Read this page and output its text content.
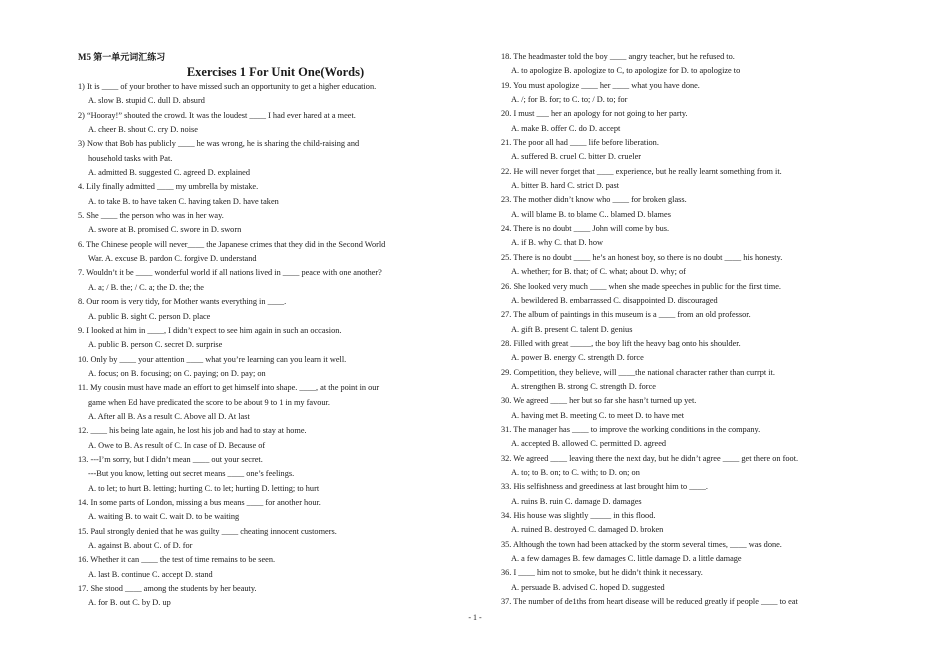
M5 第一单元词汇练习
Exercises 1 For Unit One(Words)
1) It is ____ of your brother to have missed such an opportunity to get a higher education.
A. slow B. stupid C. dull D. absurd
2) “Hooray!” shouted the crowd. It was the loudest ____ I had ever hared at a meet.
A. cheer B. shout C. cry D. noise
3) Now that Bob has publicly ____ he was wrong, he is sharing the child-raising and
household tasks with Pat.
A. admitted B. suggested C. agreed D. explained
4. Lily finally admitted ____ my umbrella by mistake.
A. to take B. to have taken C. having taken D. have taken
5. She ____ the person who was in her way.
A. swore at B. promised C. swore in D. sworn
6. The Chinese people will never____ the Japanese crimes that they did in the Second World
War. A. excuse B. pardon C. forgive D. understand
7. Wouldn’t it be ____ wonderful world if all nations lived in ____ peace with one another?
A. a; / B. the; / C. a; the D. the; the
8. Our room is very tidy, for Mother wants everything in ____.
A. public B. sight C. person D. place
9. I looked at him in ____, I didn’t expect to see him again in such an occasion.
A. public B. person C. secret D. surprise
10. Only by ____ your attention ____ what you’re learning can you learn it well.
A. focus; on B. focusing; on C. paying; on D. pay; on
11. My cousin must have made an effort to get himself into shape. ____, at the point in our
game when Ed have predicated the score to be about 9 to 1 in my favour.
A. After all B. As a result C. Above all D. At last
12. ____ his being late again, he lost his job and had to stay at home.
A. Owe to B. As result of C. In case of D. Because of
13. ---I’m sorry, but I didn’t mean ____ out your secret.
---But you know, letting out secret means ____ one’s feelings.
A. to let; to hurt B. letting; hurting C. to let; hurting D. letting; to hurt
14. In some parts of London, missing a bus means ____ for another hour.
A. waiting B. to wait C. wait D. to be waiting
15. Paul strongly denied that he was guilty ____ cheating innocent customers.
A. against B. about C. of D. for
16. Whether it can ____ the test of time remains to be seen.
A. last B. continue C. accept D. stand
17. She stood ____ among the students by her beauty.
A. for B. out C. by D. up
18. The headmaster told the boy ____ angry teacher, but he refused to.
A. to apologize B. apologize to C, to apologize for D. to apologize to
19. You must apologize ____ her ____ what you have done.
A. /; for B. for; to C. to; / D. to; for
20. I must ___ her an apology for not going to her party.
A. make B. offer C. do D. accept
21. The poor all had ____ life before liberation.
A. suffered B. cruel C. bitter D. crueler
22. He will never forget that ____ experience, but he really learnt something from it.
A. bitter B. hard C. strict D. past
23. The mother didn’t know who ____ for broken glass.
A. will blame B. to blame C.. blamed D. blames
24. There is no doubt ____ John will come by bus.
A. if B. why C. that D. how
25. There is no doubt ____ he’s an honest boy, so there is no doubt ____ his honesty.
A. whether; for B. that; of C. what; about D. why; of
26. She looked very much ____ when she made speeches in public for the first time.
A. bewildered B. embarrassed C. disappointed D. discouraged
27. The album of paintings in this museum is a ____ from an old professor.
A. gift B. present C. talent D. genius
28. Filled with great _____, the boy lift the heavy bag onto his shoulder.
A. power B. energy C. strength D. force
29. Competition, they believe, will ____the national character rather than currpt it.
A. strengthen B. strong C. strength D. force
30. We agreed ____ her but so far she hasn’t turned up yet.
A. having met B. meeting C. to meet D. to have met
31. The manager has ____ to improve the working conditions in the company.
A. accepted B. allowed C. permitted D. agreed
32. We agreed ____ leaving there the next day, but he didn’t agree ____ get there on foot.
A. to; to B. on; to C. with; to D. on; on
33. His selfishness and greediness at last brought him to ____.
A. ruins B. ruin C. damage D. damages
34. His house was slightly _____ in this flood.
A. ruined B. destroyed C. damaged D. broken
35. Although the town had been attacked by the storm several times, ____ was done.
A. a few damages B. few damages C. little damage D. a little damage
36. I ____ him not to smoke, but he didn’t think it necessary.
A. persuade B. advised C. hoped D. suggested
37. The number of de1ths from heart disease will be reduced greatly if people ____ to eat
- 1 -
